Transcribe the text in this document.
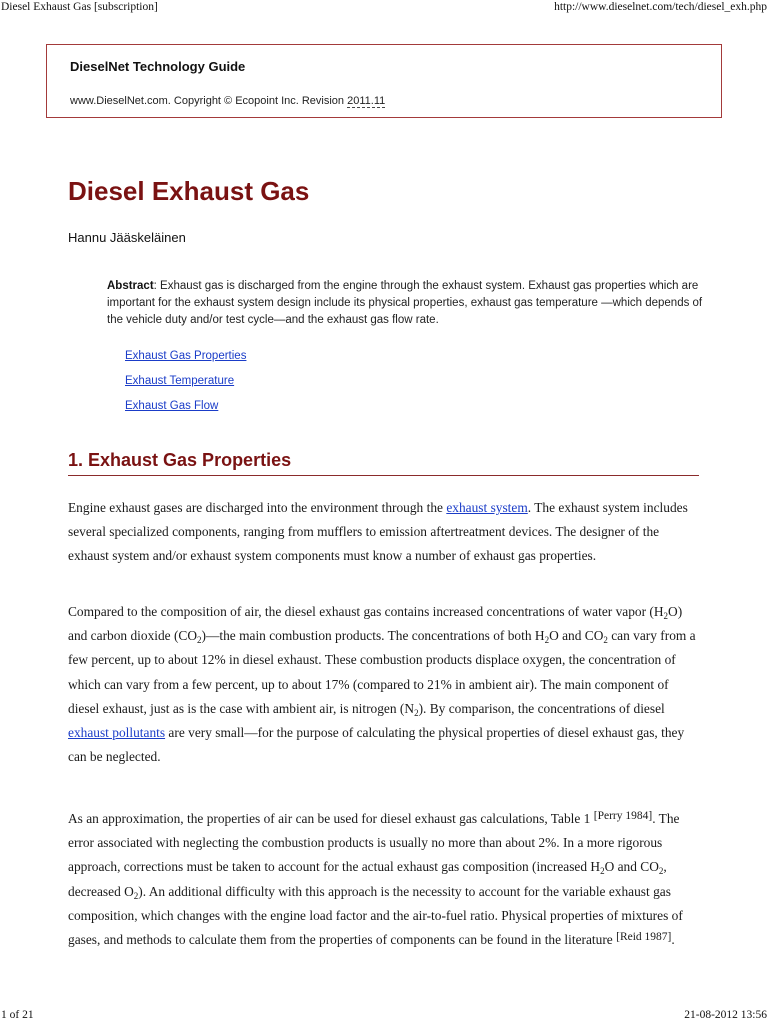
Diesel Exhaust Gas [subscription]	http://www.dieselnet.com/tech/diesel_exh.php
DieselNet Technology Guide
www.DieselNet.com. Copyright © Ecopoint Inc. Revision 2011.11
Diesel Exhaust Gas
Hannu Jääskeläinen
Abstract: Exhaust gas is discharged from the engine through the exhaust system. Exhaust gas properties which are important for the exhaust system design include its physical properties, exhaust gas temperature —which depends of the vehicle duty and/or test cycle—and the exhaust gas flow rate.
Exhaust Gas Properties
Exhaust Temperature
Exhaust Gas Flow
1. Exhaust Gas Properties

Engine exhaust gases are discharged into the environment through the exhaust system. The exhaust system includes several specialized components, ranging from mufflers to emission aftertreatment devices. The designer of the exhaust system and/or exhaust system components must know a number of exhaust gas properties.

Compared to the composition of air, the diesel exhaust gas contains increased concentrations of water vapor $(H_2O)$ and carbon dioxide $(CO_2)—the$ main combustion products. The concentrations of both $H_2O$ and $CO_2$ can vary from a few percent, up to about 12% in diesel exhaust. These combustion products displace oxygen, the concentration of which can vary from a few percent, up to about 17% (compared to 21% in ambient air). The main component of diesel exhaust, just as is the case with ambient air, is nitrogen $(N_2)$. By comparison, the concentrations of diesel exhaust pollutants are very small—for the purpose of calculating the physical properties of diesel exhaust gas, they can be neglected.

As an approximation, the properties of air can be used for diesel exhaust gas calculations, Table 1 [Perry 1984]. The error associated with neglecting the combustion products is usually no more than about 2%. In a more rigorous approach, corrections must be taken to account for the actual exhaust gas composition (increased $H_2O$ and $CO_2$, decreased $O_2$). An additional difficulty with this approach is the necessity to account for the variable exhaust gas composition, which changes with the engine load factor and the air-to-fuel ratio. Physical properties of mixtures of gases, and methods to calculate them from the properties of components can be found in the literature [Reid 1987].

1 of 21	21-08-2012 13:56
